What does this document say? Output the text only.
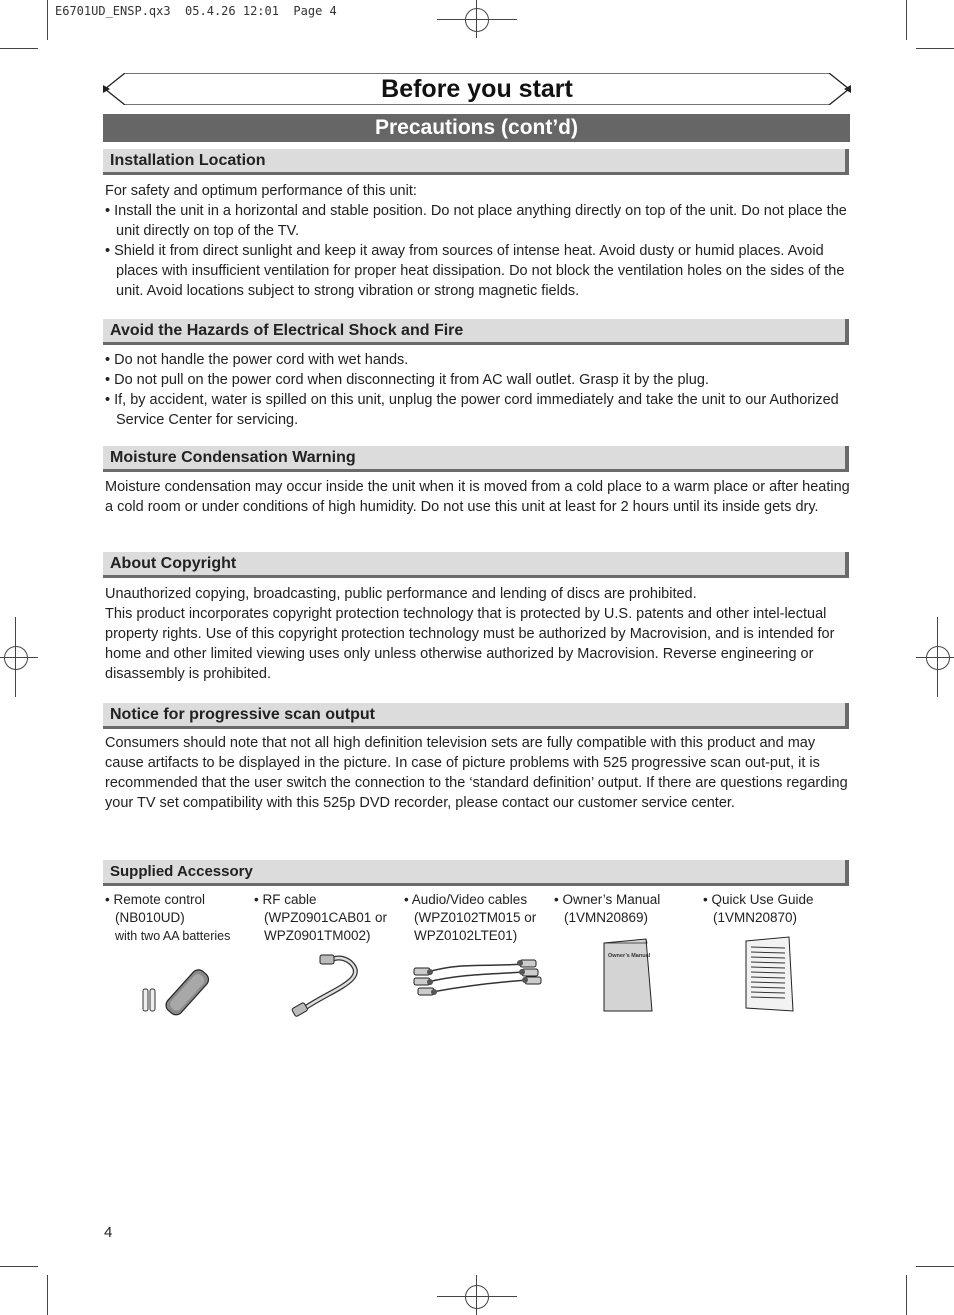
E6701UD_ENSP.qx3  05.4.26 12:01  Page 4
Before you start
Precautions (cont’d)
Installation Location

For safety and optimum performance of this unit:

• Install the unit in a horizontal and stable position. Do not place anything directly on top of the unit. Do not place the unit directly on top of the TV.

• Shield it from direct sunlight and keep it away from sources of intense heat. Avoid dusty or humid places. Avoid places with insufficient ventilation for proper heat dissipation. Do not block the ventilation holes on the sides of the unit. Avoid locations subject to strong vibration or strong magnetic fields.

Avoid the Hazards of Electrical Shock and Fire

• Do not handle the power cord with wet hands.

• Do not pull on the power cord when disconnecting it from AC wall outlet. Grasp it by the plug.

• If, by accident, water is spilled on this unit, unplug the power cord immediately and take the unit to our Authorized Service Center for servicing.

Moisture Condensation Warning

Moisture condensation may occur inside the unit when it is moved from a cold place to a warm place or after heating a cold room or under conditions of high humidity. Do not use this unit at least for 2 hours until its inside gets dry.

About Copyright

Unauthorized copying, broadcasting, public performance and lending of discs are prohibited.

This product incorporates copyright protection technology that is protected by U.S. patents and other intel-lectual property rights. Use of this copyright protection technology must be authorized by Macrovision, and is intended for home and other limited viewing uses only unless otherwise authorized by Macrovision. Reverse engineering or disassembly is prohibited.

Notice for progressive scan output

Consumers should note that not all high definition television sets are fully compatible with this product and may cause artifacts to be displayed in the picture. In case of picture problems with 525 progressive scan out-put, it is recommended that the user switch the connection to the ‘standard definition’ output. If there are questions regarding your TV set compatibility with this 525p DVD recorder, please contact our customer service center.

Supplied Accessory
• Remote control
(NB010UD)
with two AA batteries
• RF cable
(WPZ0901CAB01 or
WPZ0901TM002)
• Audio/Video cables
(WPZ0102TM015 or
WPZ0102LTE01)
• Owner’s Manual
(1VMN20869)
• Quick Use Guide
(1VMN20870)
Owner’s Manual
4
